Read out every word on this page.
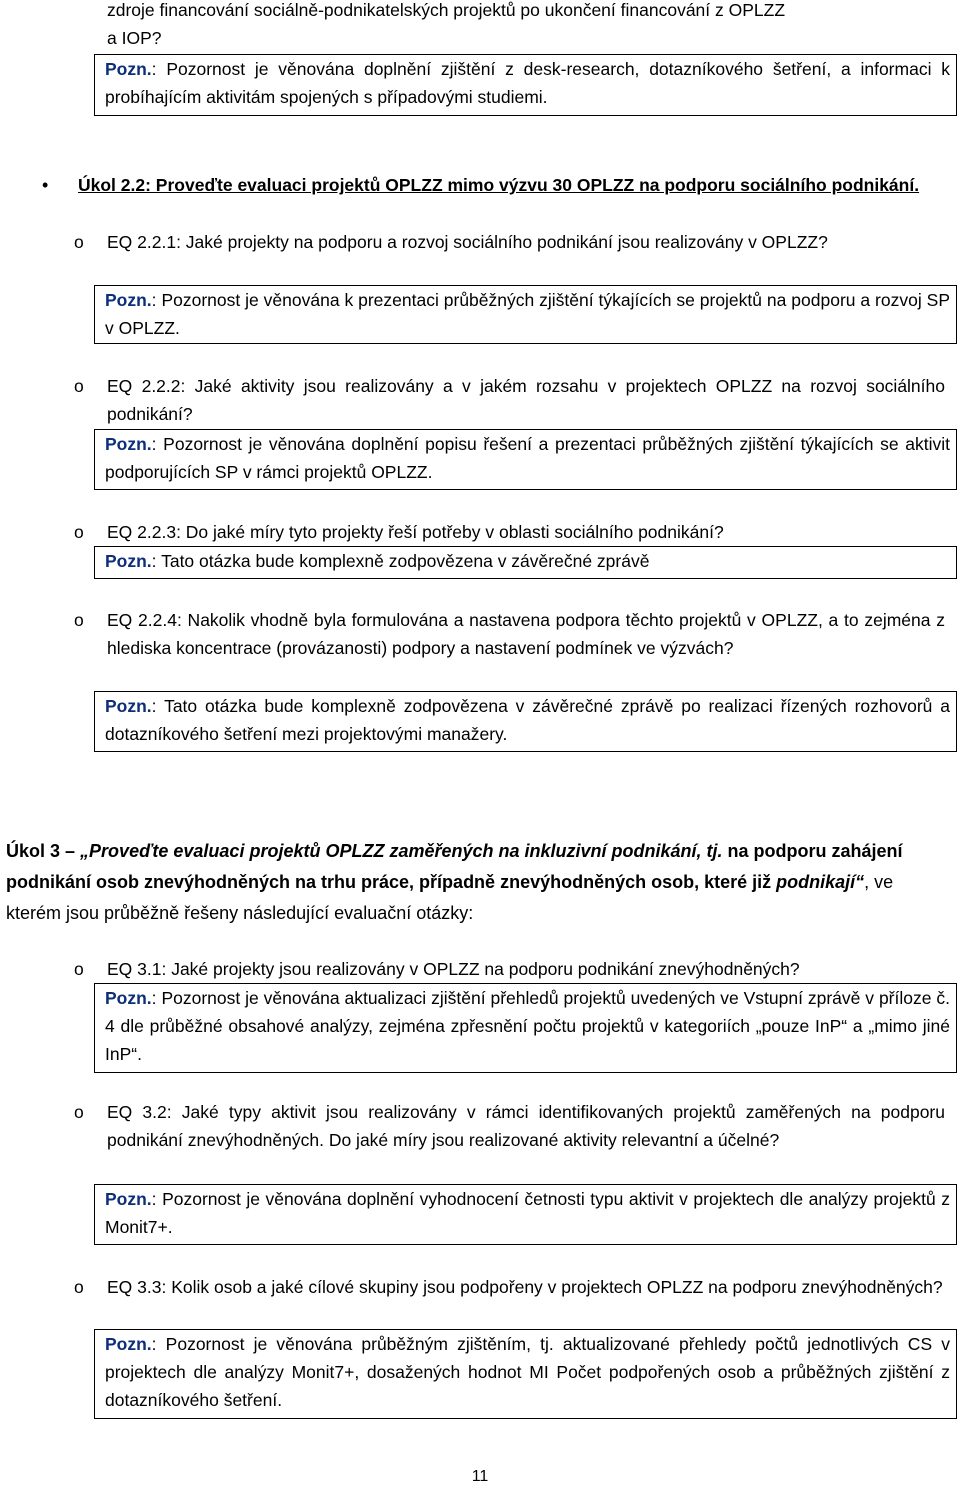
zdroje financování sociálně-podnikatelských projektů po ukončení financování z OPLZZ
a IOP?
Pozn.: Pozornost je věnována doplnění zjištění z desk-research, dotazníkového šetření, a informaci k probíhajícím aktivitám spojených s případovými studiemi.
• Úkol 2.2: Proveďte evaluaci projektů OPLZZ mimo výzvu 30 OPLZZ na podporu sociálního podnikání.
o	EQ 2.2.1: Jaké projekty na podporu a rozvoj sociálního podnikání jsou realizovány v OPLZZ?
Pozn.: Pozornost je věnována k prezentaci průběžných zjištění týkajících se projektů na podporu a rozvoj SP v OPLZZ.
o	EQ 2.2.2: Jaké aktivity jsou realizovány a v jakém rozsahu v projektech OPLZZ na rozvoj sociálního podnikání?
Pozn.: Pozornost je věnována doplnění popisu řešení a prezentaci průběžných zjištění týkajících se aktivit podporujících SP v rámci projektů OPLZZ.
o	EQ 2.2.3: Do jaké míry tyto projekty řeší potřeby v oblasti sociálního podnikání?
Pozn.: Tato otázka bude komplexně zodpovězena v závěrečné zprávě
o	EQ 2.2.4: Nakolik vhodně byla formulována a nastavena podpora těchto projektů v OPLZZ, a to zejména z hlediska koncentrace (provázanosti) podpory a nastavení podmínek ve výzvách?
Pozn.: Tato otázka bude komplexně zodpovězena v závěrečné zprávě po realizaci řízených rozhovorů a dotazníkového šetření mezi projektovými manažery.
Úkol 3 – „Proveďte evaluaci projektů OPLZZ zaměřených na inkluzivní podnikání, tj. na podporu zahájení podnikání osob znevýhodněných na trhu práce, případně znevýhodněných osob, které již podnikají“, ve kterém jsou průběžně řešeny následující evaluační otázky:
o	EQ 3.1: Jaké projekty jsou realizovány v OPLZZ na podporu podnikání znevýhodněných?
Pozn.: Pozornost je věnována aktualizaci zjištění přehledů projektů uvedených ve Vstupní zprávě v příloze č. 4 dle průběžné obsahové analýzy, zejména zpřesnění počtu projektů v kategoriích „pouze InP“ a „mimo jiné InP“.
o	EQ 3.2: Jaké typy aktivit jsou realizovány v rámci identifikovaných projektů zaměřených na podporu podnikání znevýhodněných. Do jaké míry jsou realizované aktivity relevantní a účelné?
Pozn.: Pozornost je věnována doplnění vyhodnocení četnosti typu aktivit v projektech dle analýzy projektů z Monit7+.
o	EQ 3.3: Kolik osob a jaké cílové skupiny jsou podpořeny v projektech OPLZZ na podporu znevýhodněných?
Pozn.: Pozornost je věnována průběžným zjištěním, tj. aktualizované přehledy počtů jednotlivých CS v projektech dle analýzy Monit7+, dosažených hodnot MI Počet podpořených osob a průběžných zjištění z dotazníkového šetření.
11
